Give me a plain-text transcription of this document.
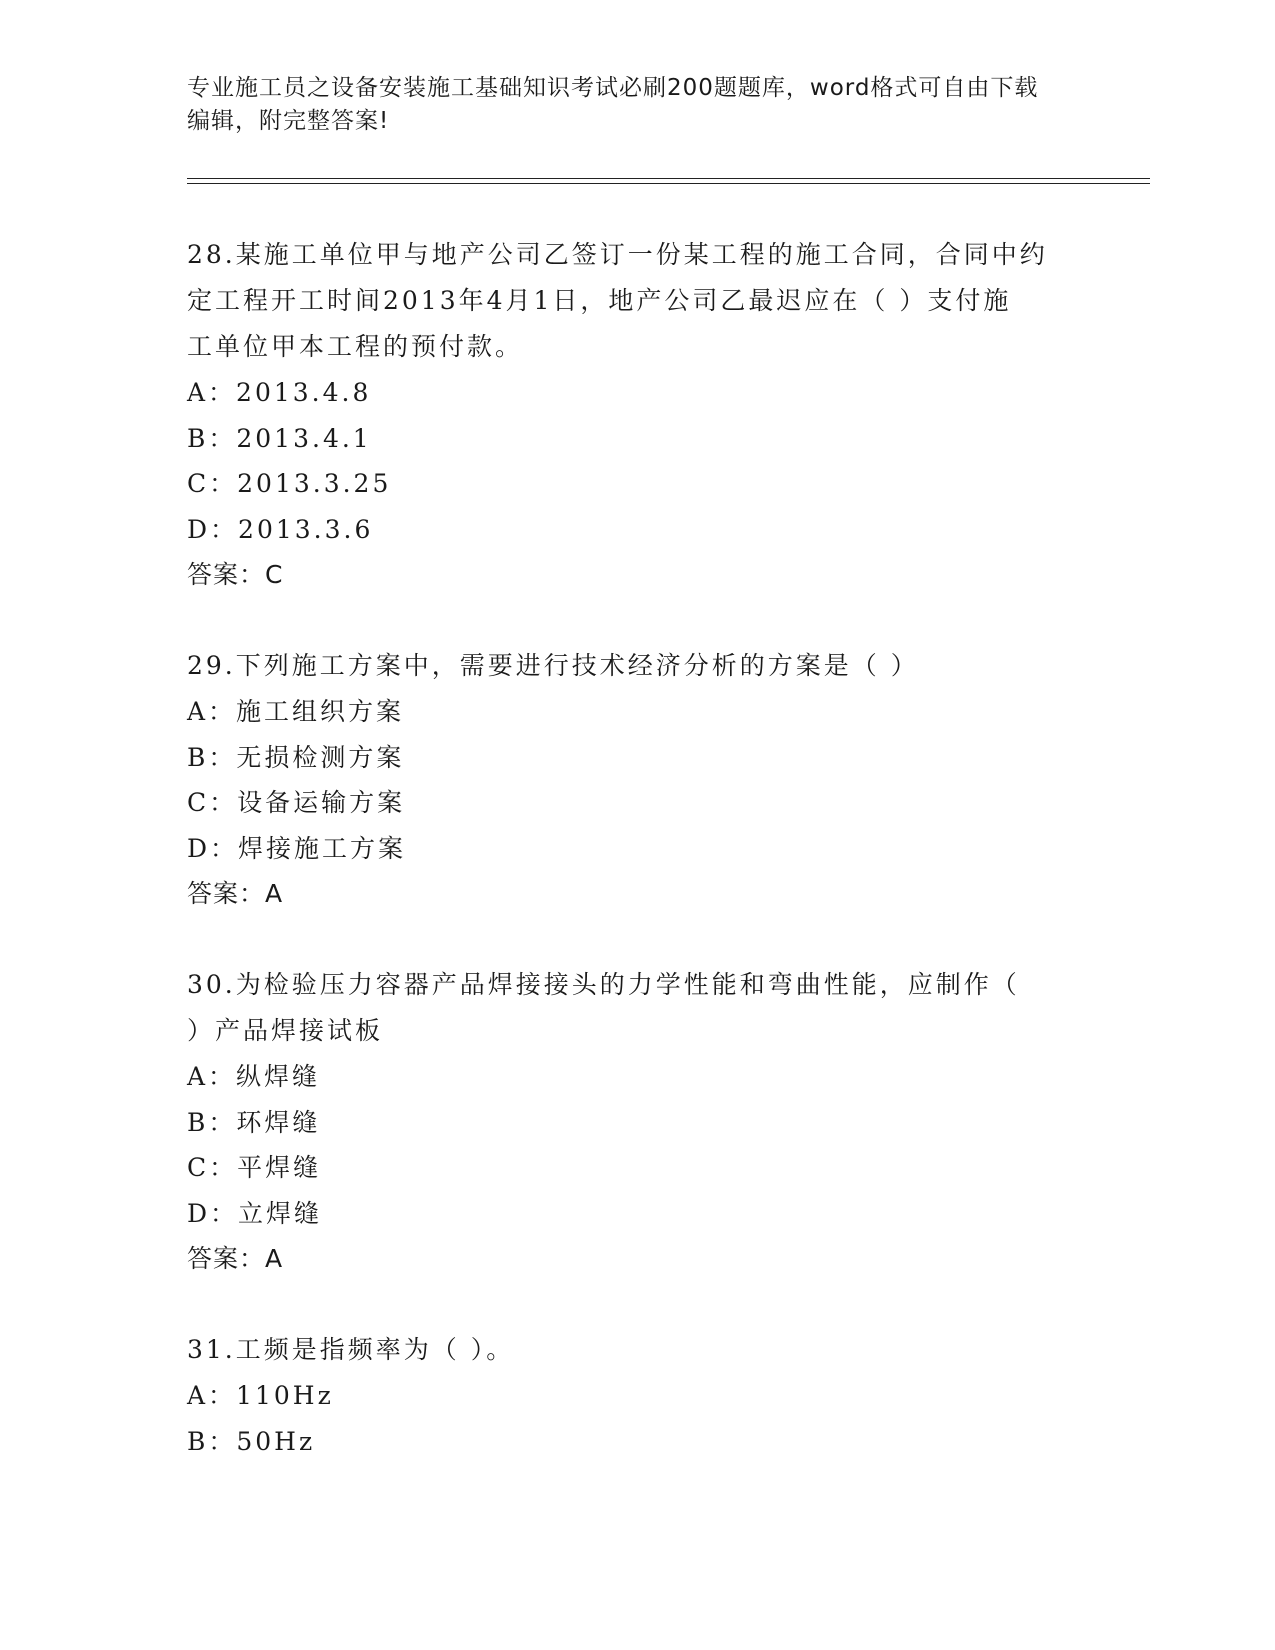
专业施工员之设备安装施工基础知识考试必刷200题题库，word格式可自由下载
编辑，附完整答案!
28.某施工单位甲与地产公司乙签订一份某工程的施工合同，合同中约
定工程开工时间2013年4月1日，地产公司乙最迟应在（ ）支付施
工单位甲本工程的预付款。
A：2013.4.8
B：2013.4.1
C：2013.3.25
D：2013.3.6
答案：C
29.下列施工方案中，需要进行技术经济分析的方案是（ ）
A：施工组织方案
B：无损检测方案
C：设备运输方案
D：焊接施工方案
答案：A
30.为检验压力容器产品焊接接头的力学性能和弯曲性能，应制作（
）产品焊接试板
A：纵焊缝
B：环焊缝
C：平焊缝
D：立焊缝
答案：A
31.工频是指频率为（ ）。
A：110Hz
B：50Hz
